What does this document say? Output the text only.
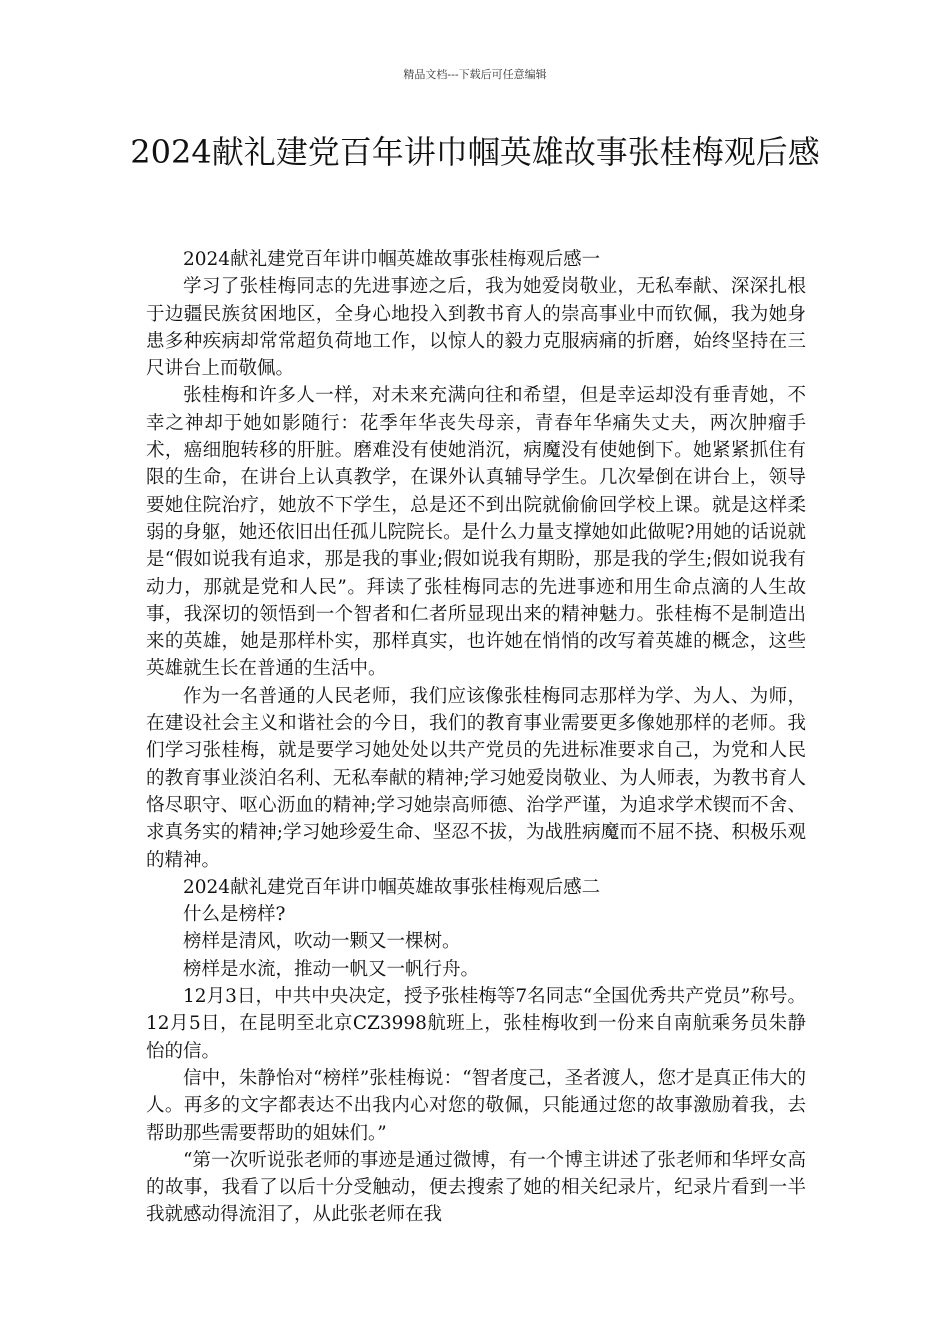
精品文档---下载后可任意编辑
2024献礼建党百年讲巾帼英雄故事张桂梅观后感

2024献礼建党百年讲巾帼英雄故事张桂梅观后感一

学习了张桂梅同志的先进事迹之后，我为她爱岗敬业，无私奉献、深深扎根于边疆民族贫困地区，全身心地投入到教书育人的崇高事业中而钦佩，我为她身患多种疾病却常常超负荷地工作，以惊人的毅力克服病痛的折磨，始终坚持在三尺讲台上而敬佩。

张桂梅和许多人一样，对未来充满向往和希望，但是幸运却没有垂青她，不幸之神却于她如影随行：花季年华丧失母亲，青春年华痛失丈夫，两次肿瘤手术，癌细胞转移的肝脏。磨难没有使她消沉，病魔没有使她倒下。她紧紧抓住有限的生命，在讲台上认真教学，在课外认真辅导学生。几次晕倒在讲台上，领导要她住院治疗，她放不下学生，总是还不到出院就偷偷回学校上课。就是这样柔弱的身躯，她还依旧出任孤儿院院长。是什么力量支撑她如此做呢?用她的话说就是“假如说我有追求，那是我的事业;假如说我有期盼，那是我的学生;假如说我有动力，那就是党和人民”。拜读了张桂梅同志的先进事迹和用生命点滴的人生故事，我深切的领悟到一个智者和仁者所显现出来的精神魅力。张桂梅不是制造出来的英雄，她是那样朴实，那样真实，也许她在悄悄的改写着英雄的概念，这些英雄就生长在普通的生活中。

作为一名普通的人民老师，我们应该像张桂梅同志那样为学、为人、为师，在建设社会主义和谐社会的今日，我们的教育事业需要更多像她那样的老师。我们学习张桂梅，就是要学习她处处以共产党员的先进标准要求自己，为党和人民的教育事业淡泊名利、无私奉献的精神;学习她爱岗敬业、为人师表，为教书育人恪尽职守、呕心沥血的精神;学习她崇高师德、治学严谨，为追求学术锲而不舍、求真务实的精神;学习她珍爱生命、坚忍不拔，为战胜病魔而不屈不挠、积极乐观的精神。

2024献礼建党百年讲巾帼英雄故事张桂梅观后感二

什么是榜样?

榜样是清风，吹动一颗又一棵树。

榜样是水流，推动一帆又一帆行舟。

12月3日，中共中央决定，授予张桂梅等7名同志“全国优秀共产党员”称号。12月5日，在昆明至北京CZ3998航班上，张桂梅收到一份来自南航乘务员朱静怡的信。

信中，朱静怡对“榜样”张桂梅说：“智者度己，圣者渡人，您才是真正伟大的人。再多的文字都表达不出我内心对您的敬佩，只能通过您的故事激励着我，去帮助那些需要帮助的姐妹们。”

“第一次听说张老师的事迹是通过微博，有一个博主讲述了张老师和华坪女高的故事，我看了以后十分受触动，便去搜索了她的相关纪录片，纪录片看到一半我就感动得流泪了，从此张老师在我
